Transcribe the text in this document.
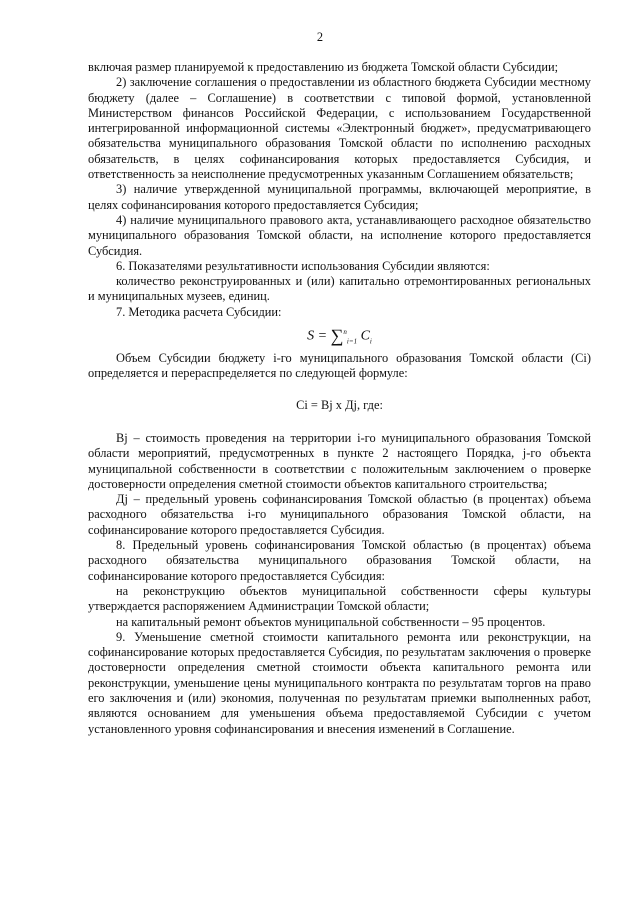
2

включая размер планируемой к предоставлению из бюджета Томской области Субсидии;

2) заключение соглашения о предоставлении из областного бюджета Субсидии местному бюджету (далее – Соглашение) в соответствии с типовой формой, установленной Министерством финансов Российской Федерации, с использованием Государственной интегрированной информационной системы «Электронный бюджет», предусматривающего обязательства муниципального образования Томской области по исполнению расходных обязательств, в целях софинансирования которых предоставляется Субсидия, и ответственность за неисполнение предусмотренных указанным Соглашением обязательств;

3) наличие утвержденной муниципальной программы, включающей мероприятие, в целях софинансирования которого предоставляется Субсидия;

4) наличие муниципального правового акта, устанавливающего расходное обязательство муниципального образования Томской области, на исполнение которого предоставляется Субсидия.

6. Показателями результативности использования Субсидии являются:

количество реконструированных и (или) капитально отремонтированных региональных и муниципальных музеев, единиц.

7. Методика расчета Субсидии:

S = ∑$^n_{i=1}$ $C_i$

Объем Субсидии бюджету i-го муниципального образования Томской области (Ci) определяется и перераспределяется по следующей формуле:

Ci = Bj х Дj, где:

Bj – стоимость проведения на территории i-го муниципального образования Томской области мероприятий, предусмотренных в пункте 2 настоящего Порядка, j-го объекта муниципальной собственности в соответствии с положительным заключением о проверке достоверности определения сметной стоимости объектов капитального строительства;

Дj – предельный уровень софинансирования Томской областью (в процентах) объема расходного обязательства i-го муниципального образования Томской области, на софинансирование которого предоставляется Субсидия.

8. Предельный уровень софинансирования Томской областью (в процентах) объема расходного обязательства муниципального образования Томской области, на софинансирование которого предоставляется Субсидия:

на реконструкцию объектов муниципальной собственности сферы культуры утверждается распоряжением Администрации Томской области;

на капитальный ремонт объектов муниципальной собственности – 95 процентов.

9. Уменьшение сметной стоимости капитального ремонта или реконструкции, на софинансирование которых предоставляется Субсидия, по результатам заключения о проверке достоверности определения сметной стоимости объекта капитального ремонта или реконструкции, уменьшение цены муниципального контракта по результатам торгов на право его заключения и (или) экономия, полученная по результатам приемки выполненных работ, являются основанием для уменьшения объема предоставляемой Субсидии с учетом установленного уровня софинансирования и внесения изменений в Соглашение.
